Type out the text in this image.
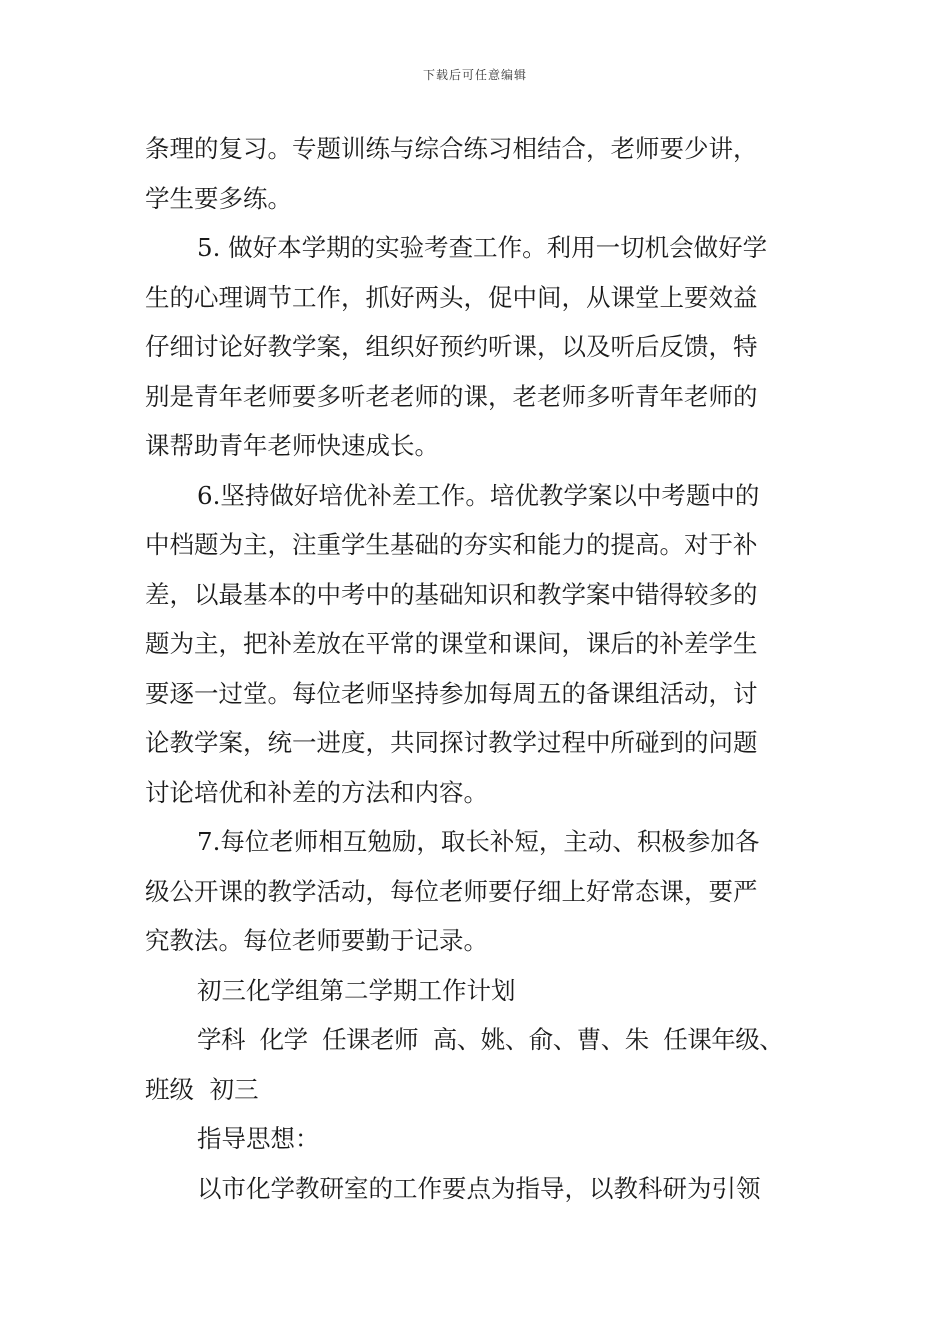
下载后可任意编辑

条理的复习。专题训练与综合练习相结合，老师要少讲，

学生要多练。

5. 做好本学期的实验考查工作。利用一切机会做好学

生的心理调节工作，抓好两头，促中间，从课堂上要效益

仔细讨论好教学案，组织好预约听课，以及听后反馈，特

别是青年老师要多听老老师的课，老老师多听青年老师的

课帮助青年老师快速成长。

6.坚持做好培优补差工作。培优教学案以中考题中的

中档题为主，注重学生基础的夯实和能力的提高。对于补

差，以最基本的中考中的基础知识和教学案中错得较多的

题为主，把补差放在平常的课堂和课间，课后的补差学生

要逐一过堂。每位老师坚持参加每周五的备课组活动，讨

论教学案，统一进度，共同探讨教学过程中所碰到的问题

讨论培优和补差的方法和内容。

7.每位老师相互勉励，取长补短，主动、积极参加各

级公开课的教学活动，每位老师要仔细上好常态课，要严

究教法。每位老师要勤于记录。

初三化学组第二学期工作计划

学科  化学  任课老师  高、姚、俞、曹、朱  任课年级、

班级  初三

指导思想：

以市化学教研室的工作要点为指导，以教科研为引领
